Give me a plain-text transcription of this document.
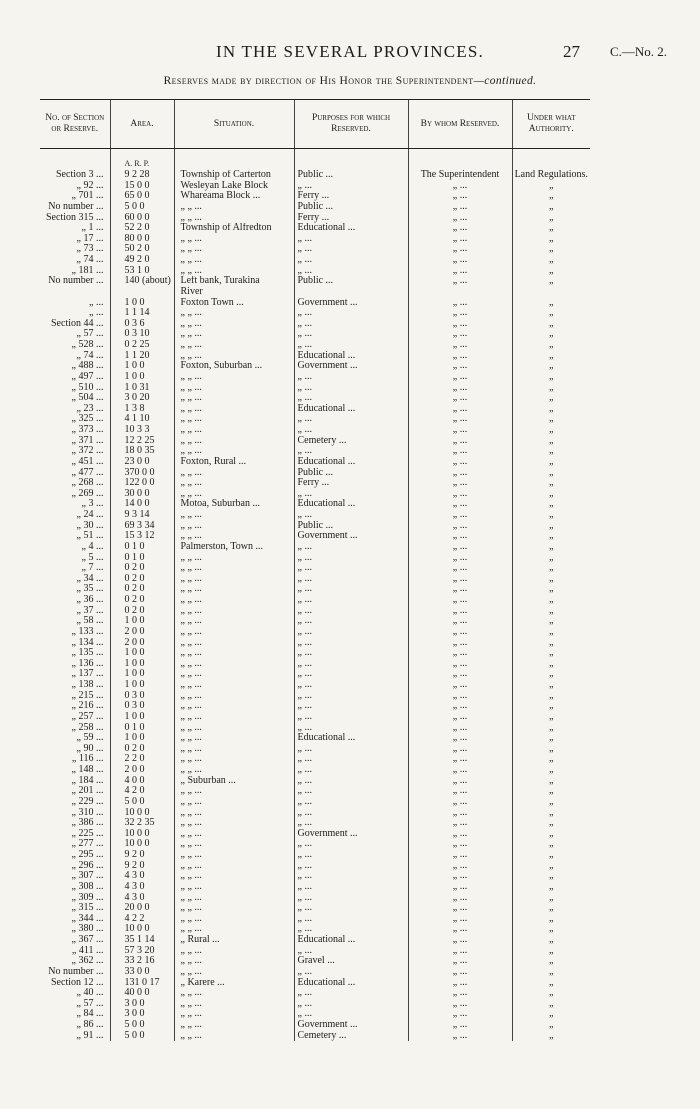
IN THE SEVERAL PROVINCES.	27 C.—No. 2.
Reserves made by direction of His Honor the Superintendent—continued.
No. of Section or Reserve.	Area.	Situation.	Purposes for which Reserved.	By whom Reserved.	Under what Authority.

	A. R. P.				
Section 3 ...	9 2 28	Township of Carterton	Public ...	The Superintendent	Land Regulations.
„ 92 ...	15 0 0	Wesleyan Lake Block	„ ...	„ ...	„
„ 701 ...	65 0 0	Whareama Block ...	Ferry ...	„ ...	„
No number ...	5 0 0	„ „ ...	Public ...	„ ...	„
Section 315 ...	60 0 0	„ „ ...	Ferry ...	„ ...	„
„ 1 ...	52 2 0	Township of Alfredton	Educational ...	„ ...	„
„ 17 ...	80 0 0	„ „ ...	„ ...	„ ...	„
„ 73 ...	50 2 0	„ „ ...	„ ...	„ ...	„
„ 74 ...	49 2 0	„ „ ...	„ ...	„ ...	„
„ 181 ...	53 1 0	„ „ ...	„ ...	„ ...	„
No number ...	140 (about)	Left bank, Turakina	Public ...	„ ...	„
		River			
„ ...	1 0 0	Foxton Town ...	Government ...	„ ...	„
„ ...	1 1 14	„ „ ...	„ ...	„ ...	„
Section 44 ...	0 3 6	„ „ ...	„ ...	„ ...	„
„ 57 ...	0 3 10	„ „ ...	„ ...	„ ...	„
„ 528 ...	0 2 25	„ „ ...	„ ...	„ ...	„
„ 74 ...	1 1 20	„ „ ...	Educational ...	„ ...	„
„ 488 ...	1 0 0	Foxton, Suburban ...	Government ...	„ ...	„
„ 497 ...	1 0 0	„ „ ...	„ ...	„ ...	„
„ 510 ...	1 0 31	„ „ ...	„ ...	„ ...	„
„ 504 ...	3 0 20	„ „ ...	„ ...	„ ...	„
„ 23 ...	1 3 8	„ „ ...	Educational ...	„ ...	„
„ 325 ...	4 1 10	„ „ ...	„ ...	„ ...	„
„ 373 ...	10 3 3	„ „ ...	„ ...	„ ...	„
„ 371 ...	12 2 25	„ „ ...	Cemetery ...	„ ...	„
„ 372 ...	18 0 35	„ „ ...	„ ...	„ ...	„
„ 451 ...	23 0 0	Foxton, Rural ...	Educational ...	„ ...	„
„ 477 ...	370 0 0	„ „ ...	Public ...	„ ...	„
„ 268 ...	122 0 0	„ „ ...	Ferry ...	„ ...	„
„ 269 ...	30 0 0	„ „ ...	„ ...	„ ...	„
„ 3 ...	14 0 0	Motoa, Suburban ...	Educational ...	„ ...	„
„ 24 ...	9 3 14	„ „ ...	„ ...	„ ...	„
„ 30 ...	69 3 34	„ „ ...	Public ...	„ ...	„
„ 51 ...	15 3 12	„ „ ...	Government ...	„ ...	„
„ 4 ...	0 1 0	Palmerston, Town ...	„ ...	„ ...	„
„ 5 ...	0 1 0	„ „ ...	„ ...	„ ...	„
„ 7 ...	0 2 0	„ „ ...	„ ...	„ ...	„
„ 34 ...	0 2 0	„ „ ...	„ ...	„ ...	„
„ 35 ...	0 2 0	„ „ ...	„ ...	„ ...	„
„ 36 ...	0 2 0	„ „ ...	„ ...	„ ...	„
„ 37 ...	0 2 0	„ „ ...	„ ...	„ ...	„
„ 58 ...	1 0 0	„ „ ...	„ ...	„ ...	„
„ 133 ...	2 0 0	„ „ ...	„ ...	„ ...	„
„ 134 ...	2 0 0	„ „ ...	„ ...	„ ...	„
„ 135 ...	1 0 0	„ „ ...	„ ...	„ ...	„
„ 136 ...	1 0 0	„ „ ...	„ ...	„ ...	„
„ 137 ...	1 0 0	„ „ ...	„ ...	„ ...	„
„ 138 ...	1 0 0	„ „ ...	„ ...	„ ...	„
„ 215 ...	0 3 0	„ „ ...	„ ...	„ ...	„
„ 216 ...	0 3 0	„ „ ...	„ ...	„ ...	„
„ 257 ...	1 0 0	„ „ ...	„ ...	„ ...	„
„ 258 ...	0 1 0	„ „ ...	„ ...	„ ...	„
„ 59 ...	1 0 0	„ „ ...	Educational ...	„ ...	„
„ 90 ...	0 2 0	„ „ ...	„ ...	„ ...	„
„ 116 ...	2 2 0	„ „ ...	„ ...	„ ...	„
„ 148 ...	2 0 0	„ „ ...	„ ...	„ ...	„
„ 184 ...	4 0 0	„ Suburban ...	„ ...	„ ...	„
„ 201 ...	4 2 0	„ „ ...	„ ...	„ ...	„
„ 229 ...	5 0 0	„ „ ...	„ ...	„ ...	„
„ 310 ...	10 0 0	„ „ ...	„ ...	„ ...	„
„ 386 ...	32 2 35	„ „ ...	„ ...	„ ...	„
„ 225 ...	10 0 0	„ „ ...	Government ...	„ ...	„
„ 277 ...	10 0 0	„ „ ...	„ ...	„ ...	„
„ 295 ...	9 2 0	„ „ ...	„ ...	„ ...	„
„ 296 ...	9 2 0	„ „ ...	„ ...	„ ...	„
„ 307 ...	4 3 0	„ „ ...	„ ...	„ ...	„
„ 308 ...	4 3 0	„ „ ...	„ ...	„ ...	„
„ 309 ...	4 3 0	„ „ ...	„ ...	„ ...	„
„ 315 ...	20 0 0	„ „ ...	„ ...	„ ...	„
„ 344 ...	4 2 2	„ „ ...	„ ...	„ ...	„
„ 380 ...	10 0 0	„ „ ...	„ ...	„ ...	„
„ 367 ...	35 1 14	„ Rural ...	Educational ...	„ ...	„
„ 411 ...	57 3 20	„ „ ...	„ ...	„ ...	„
„ 362 ...	33 2 16	„ „ ...	Gravel ...	„ ...	„
No number ...	33 0 0	„ „ ...	„ ...	„ ...	„
Section 12 ...	131 0 17	„ Karere ...	Educational ...	„ ...	„
„ 40 ...	40 0 0	„ „ ...	„ ...	„ ...	„
„ 57 ...	3 0 0	„ „ ...	„ ...	„ ...	„
„ 84 ...	3 0 0	„ „ ...	„ ...	„ ...	„
„ 86 ...	5 0 0	„ „ ...	Government ...	„ ...	„
„ 91 ...	5 0 0	„ „ ...	Cemetery ...	„ ...	„
